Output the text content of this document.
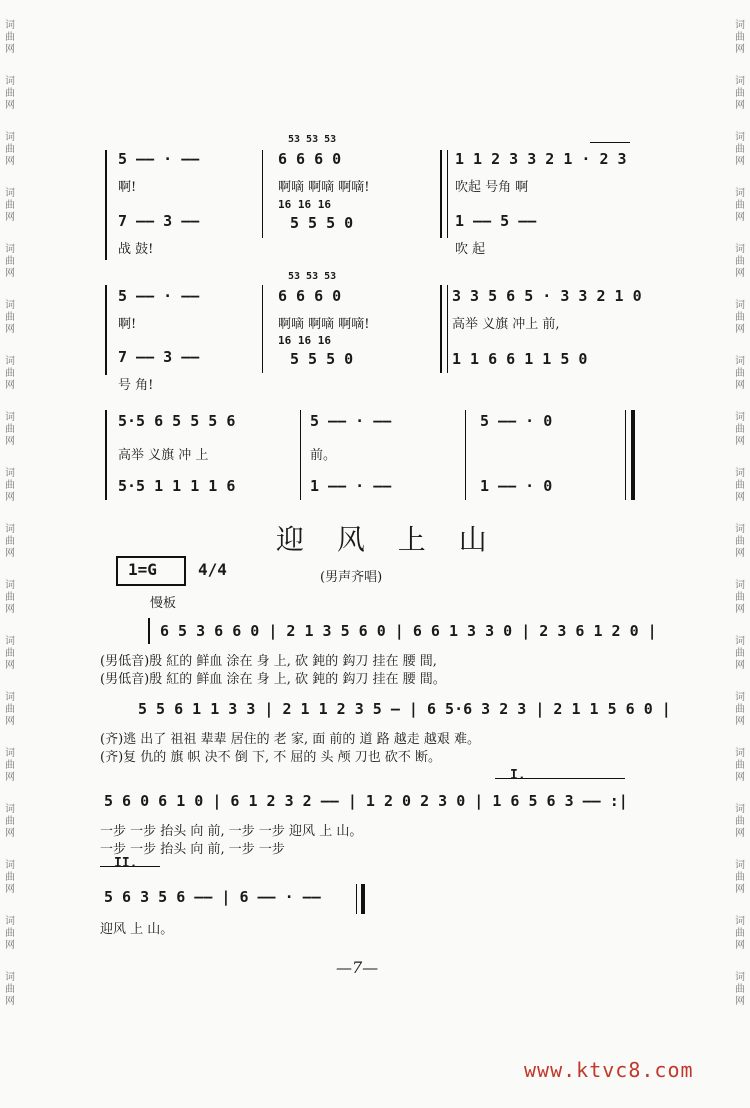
词
曲
网
词
曲
网
词
曲
网
词
曲
网
词
曲
网
词
曲
网
词
曲
网
词
曲
网
词
曲
网
词
曲
网
词
曲
网
词
曲
网
词
曲
网
词
曲
网
词
曲
网
词
曲
网
词
曲
网
词
曲
网
词
曲
网
词
曲
网
词
曲
网
词
曲
网
词
曲
网
词
曲
网
词
曲
网
词
曲
网
词
曲
网
词
曲
网
词
曲
网
词
曲
网
词
曲
网
词
曲
网
词
曲
网
词
曲
网
词
曲
网
词
曲
网
5 —— · ——
啊!
7 —— 3 ——
战 鼓!
53 53 53
6 6 6 0
啊嘀 啊嘀 啊嘀!
16 16 16
5 5 5 0
1 1 2 3 3 2 1 · 2 3
吹起 号角 啊
1 —— 5 ——
吹 起
5 —— · ——
啊!
7 —— 3 ——
号 角!
53 53 53
6 6 6 0
啊嘀 啊嘀 啊嘀!
16 16 16
5 5 5 0
3 3 5 6 5 · 3 3 2 1 0
高举 义旗 冲上 前,
1 1 6 6 1 1 5 0
5·5 6 5 5 5 6
高举 义旗 冲 上
5·5 1 1 1 1 6
5 —— · ——
前。
1 —— · ——
5 —— · 0
1 —— · 0
迎 风 上 山
1=G	4/4	(男声齐唱)
慢板
6 5 3 6 6 0 | 2 1 3 5 6 0 | 6 6 1 3 3 0 | 2 3 6 1 2 0 |
(男低音)殷 紅的 鲜血 涂在 身 上, 砍 鈍的 鈎刀 挂在 腰 間,
(男低音)殷 紅的 鲜血 涂在 身 上, 砍 鈍的 鈎刀 挂在 腰 間。
5 5 6 1 1 3 3 | 2 1 1 2 3 5 — | 6 5·6 3 2 3 | 2 1 1 5 6 0 |
(齐)逃 出了 祖祖 辈辈 居住的 老 家, 面 前的 道 路 越走 越艰 难。
(齐)复 仇的 旗 帜 决不 倒 下, 不 屈的 头 颅 刀也 砍不 断。
I.
5 6 0 6 1 0 | 6 1 2 3 2 —— | 1 2 0 2 3 0 | 1 6 5 6 3 —— :|
一步 一步 抬头 向 前, 一步 一步 迎风 上 山。
一步 一步 抬头 向 前, 一步 一步
II.
5 6 3 5 6 —— | 6 —— · ——
迎风 上 山。
—7—
www.ktvc8.com
